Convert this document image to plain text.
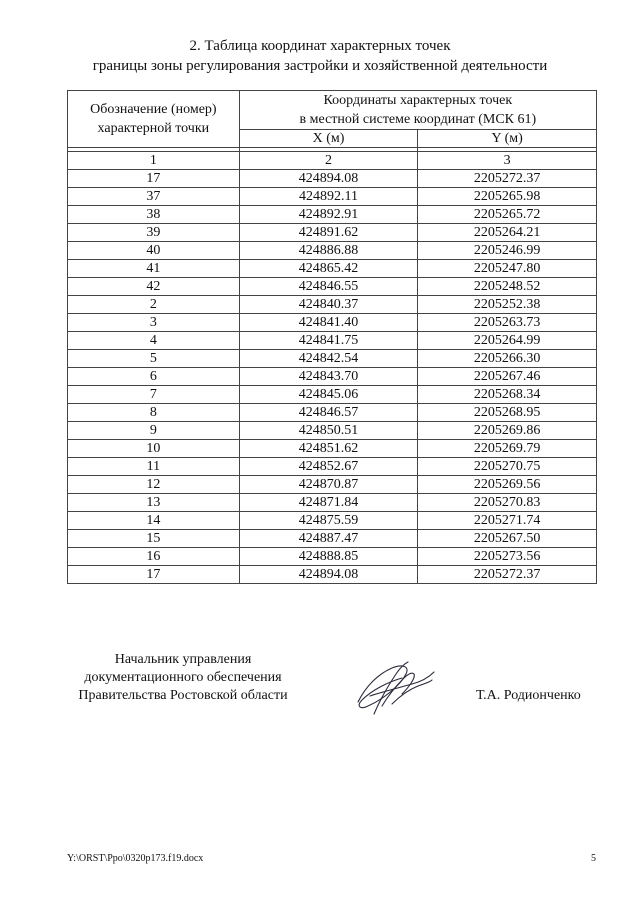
2. Таблица координат характерных точек
границы зоны регулирования застройки и хозяйственной деятельности
Обозначение (номер)
характерной точки	Координаты характерных точек
в местной системе координат (МСК 61)	
	X (м)	Y (м)

1	2	3
17	424894.08	2205272.37
37	424892.11	2205265.98
38	424892.91	2205265.72
39	424891.62	2205264.21
40	424886.88	2205246.99
41	424865.42	2205247.80
42	424846.55	2205248.52
2	424840.37	2205252.38
3	424841.40	2205263.73
4	424841.75	2205264.99
5	424842.54	2205266.30
6	424843.70	2205267.46
7	424845.06	2205268.34
8	424846.57	2205268.95
9	424850.51	2205269.86
10	424851.62	2205269.79
11	424852.67	2205270.75
12	424870.87	2205269.56
13	424871.84	2205270.83
14	424875.59	2205271.74
15	424887.47	2205267.50
16	424888.85	2205273.56
17	424894.08	2205272.37
Начальник управления
документационного обеспечения
Правительства Ростовской области	Т.А. Родионченко
Y:\ORST\Ppo\0320p173.f19.docx	5
